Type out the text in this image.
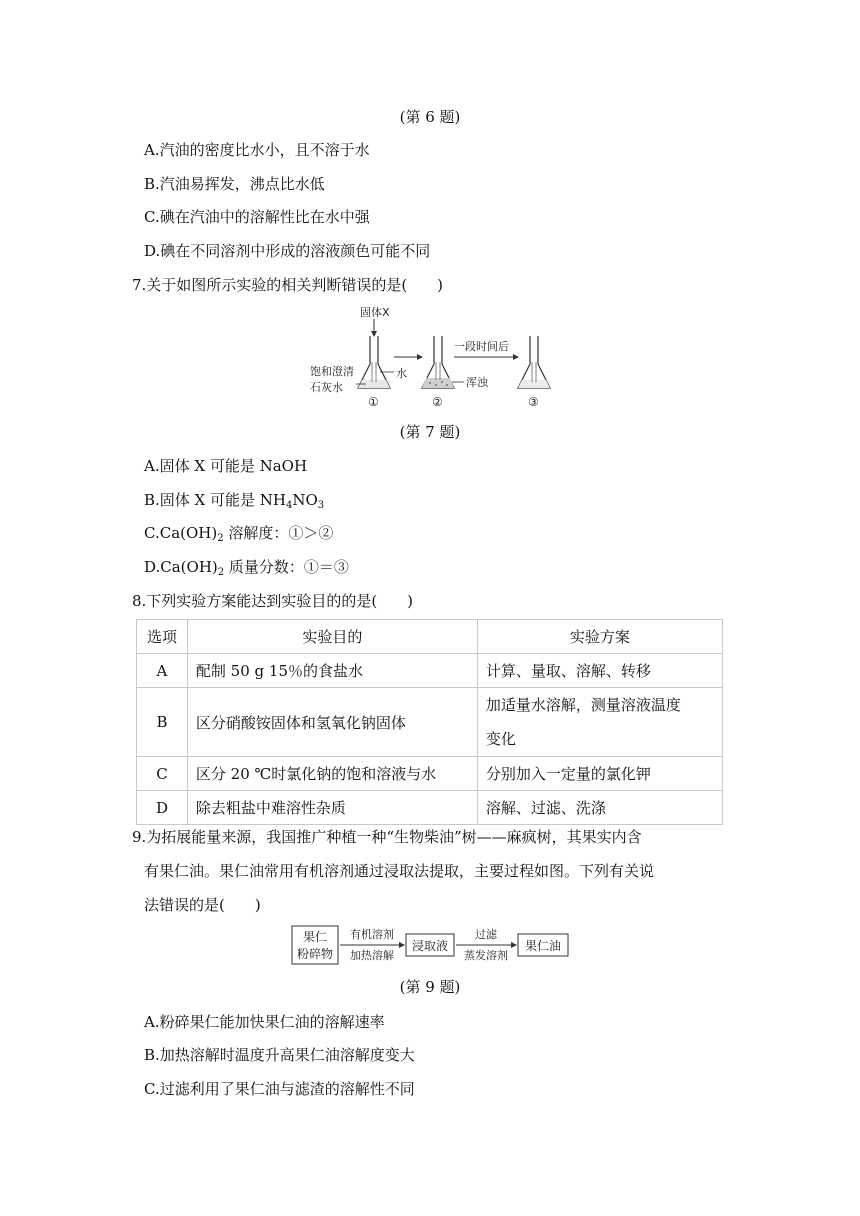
(第 6 题)
A.汽油的密度比水小，且不溶于水
B.汽油易挥发，沸点比水低
C.碘在汽油中的溶解性比在水中强
D.碘在不同溶剂中形成的溶液颜色可能不同
7.关于如图所示实验的相关判断错误的是(　　)
固体X
饱和澄清
石灰水
水
浑浊
一段时间后
①	②	③
(第 7 题)
A.固体 X 可能是 NaOH
B.固体 X 可能是 $NH_4NO_3$
$C.Ca(OH)_2$ 溶解度：①＞②
$D.Ca(OH)_2$ 质量分数：①＝③
8.下列实验方案能达到实验目的的是(　　)
选项	实验目的	实验方案
A	配制 50 g 15％的食盐水	计算、量取、溶解、转移
B	区分硝酸铵固体和氢氧化钠固体	加适量水溶解，测量溶液温度
变化

C	区分 20 ℃时氯化钠的饱和溶液与水	分别加入一定量的氯化钾
D	除去粗盐中难溶性杂质	溶解、过滤、洗涤
9.为拓展能量来源，我国推广种植一种“生物柴油”树——麻疯树，其果实内含
有果仁油。果仁油常用有机溶剂通过浸取法提取，主要过程如图。下列有关说
法错误的是(　　)
果仁
粉碎物
有机溶剂
加热溶解
浸取液
过滤
蒸发溶剂
果仁油
(第 9 题)
A.粉碎果仁能加快果仁油的溶解速率
B.加热溶解时温度升高果仁油溶解度变大
C.过滤利用了果仁油与滤渣的溶解性不同
